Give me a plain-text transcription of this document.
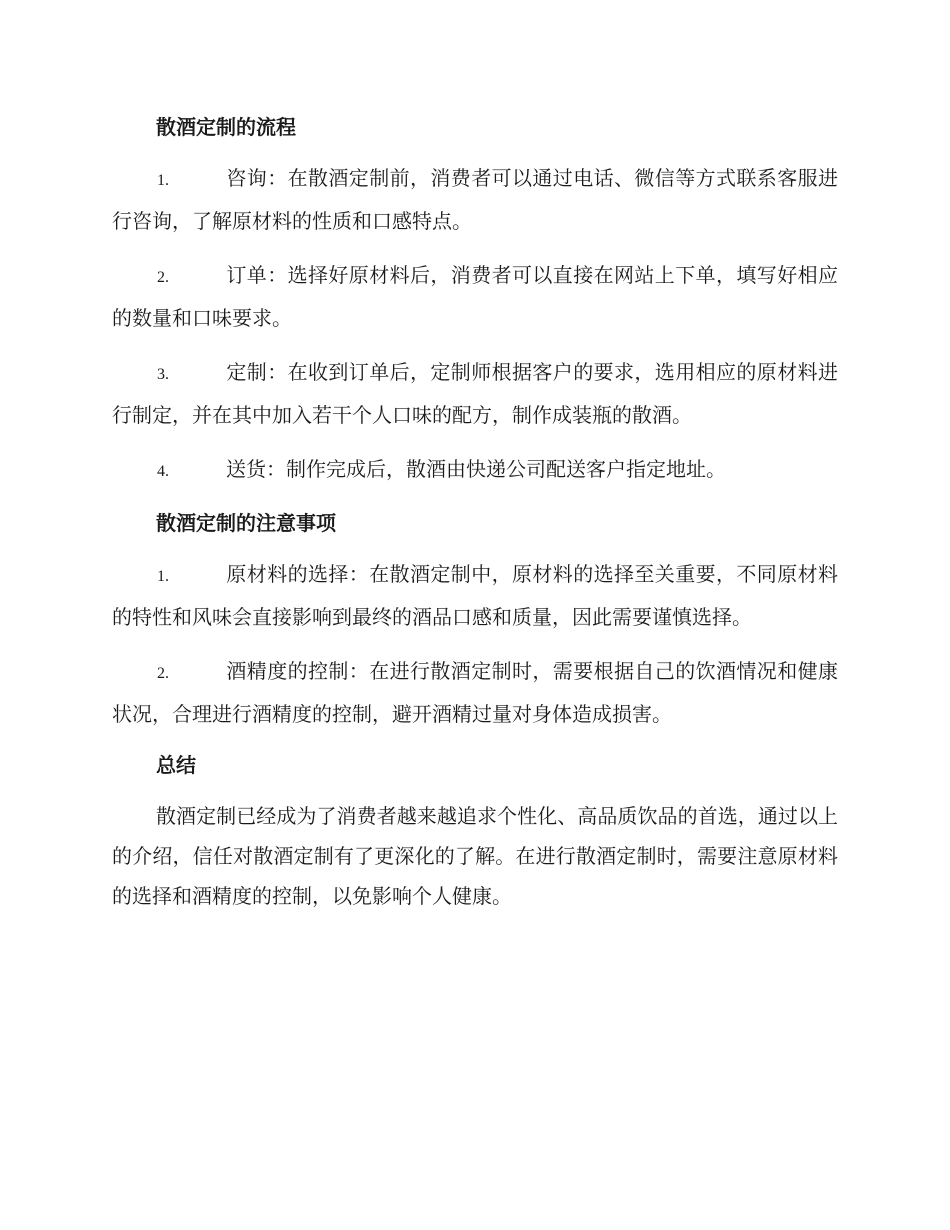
散酒定制的流程
1.	咨询：在散酒定制前，消费者可以通过电话、微信等方式联系客服进行咨询，了解原材料的性质和口感特点。
2.	订单：选择好原材料后，消费者可以直接在网站上下单，填写好相应的数量和口味要求。
3.	定制：在收到订单后，定制师根据客户的要求，选用相应的原材料进行制定，并在其中加入若干个人口味的配方，制作成装瓶的散酒。
4.	送货：制作完成后，散酒由快递公司配送客户指定地址。
散酒定制的注意事项
1.	原材料的选择：在散酒定制中，原材料的选择至关重要，不同原材料的特性和风味会直接影响到最终的酒品口感和质量，因此需要谨慎选择。
2.	酒精度的控制：在进行散酒定制时，需要根据自己的饮酒情况和健康状况，合理进行酒精度的控制，避开酒精过量对身体造成损害。
总结

散酒定制已经成为了消费者越来越追求个性化、高品质饮品的首选，通过以上的介绍，信任对散酒定制有了更深化的了解。在进行散酒定制时，需要注意原材料的选择和酒精度的控制，以免影响个人健康。
